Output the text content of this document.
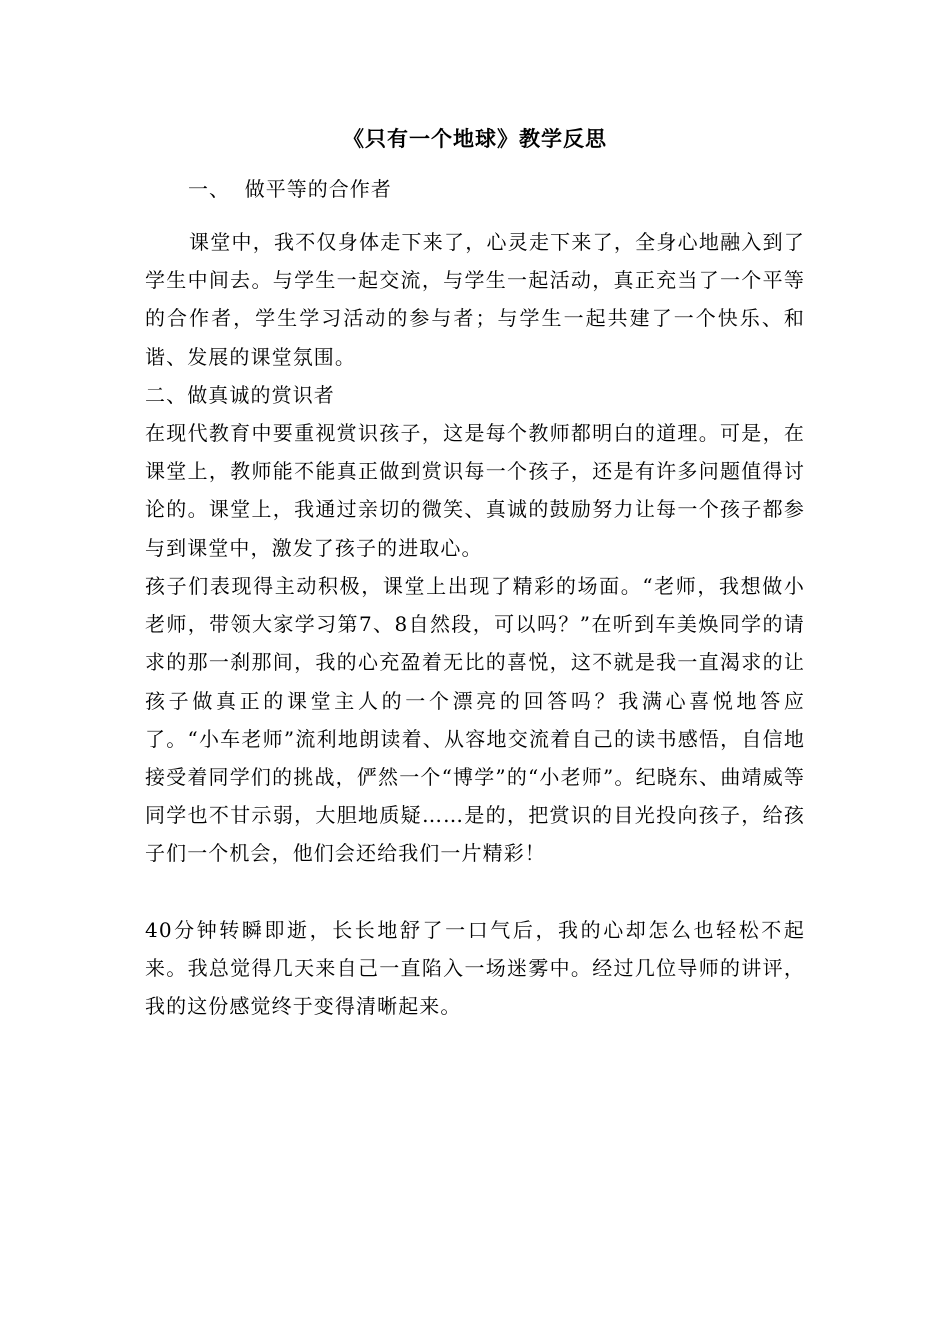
《只有一个地球》教学反思
一、  做平等的合作者

课堂中，我不仅身体走下来了，心灵走下来了，全身心地融入到了学生中间去。与学生一起交流，与学生一起活动，真正充当了一个平等的合作者，学生学习活动的参与者；与学生一起共建了一个快乐、和谐、发展的课堂氛围。

二、做真诚的赏识者

在现代教育中要重视赏识孩子，这是每个教师都明白的道理。可是，在课堂上，教师能不能真正做到赏识每一个孩子，还是有许多问题值得讨论的。课堂上，我通过亲切的微笑、真诚的鼓励努力让每一个孩子都参与到课堂中，激发了孩子的进取心。

孩子们表现得主动积极，课堂上出现了精彩的场面。“老师，我想做小老师，带领大家学习第7、8自然段，可以吗？”在听到车美焕同学的请求的那一刹那间，我的心充盈着无比的喜悦，这不就是我一直渴求的让孩子做真正的课堂主人的一个漂亮的回答吗？我满心喜悦地答应了。“小车老师”流利地朗读着、从容地交流着自己的读书感悟，自信地接受着同学们的挑战，俨然一个“博学”的“小老师”。纪晓东、曲靖威等同学也不甘示弱，大胆地质疑……是的，把赏识的目光投向孩子，给孩子们一个机会，他们会还给我们一片精彩！

40分钟转瞬即逝，长长地舒了一口气后，我的心却怎么也轻松不起来。我总觉得几天来自己一直陷入一场迷雾中。经过几位导师的讲评，我的这份感觉终于变得清晰起来。
